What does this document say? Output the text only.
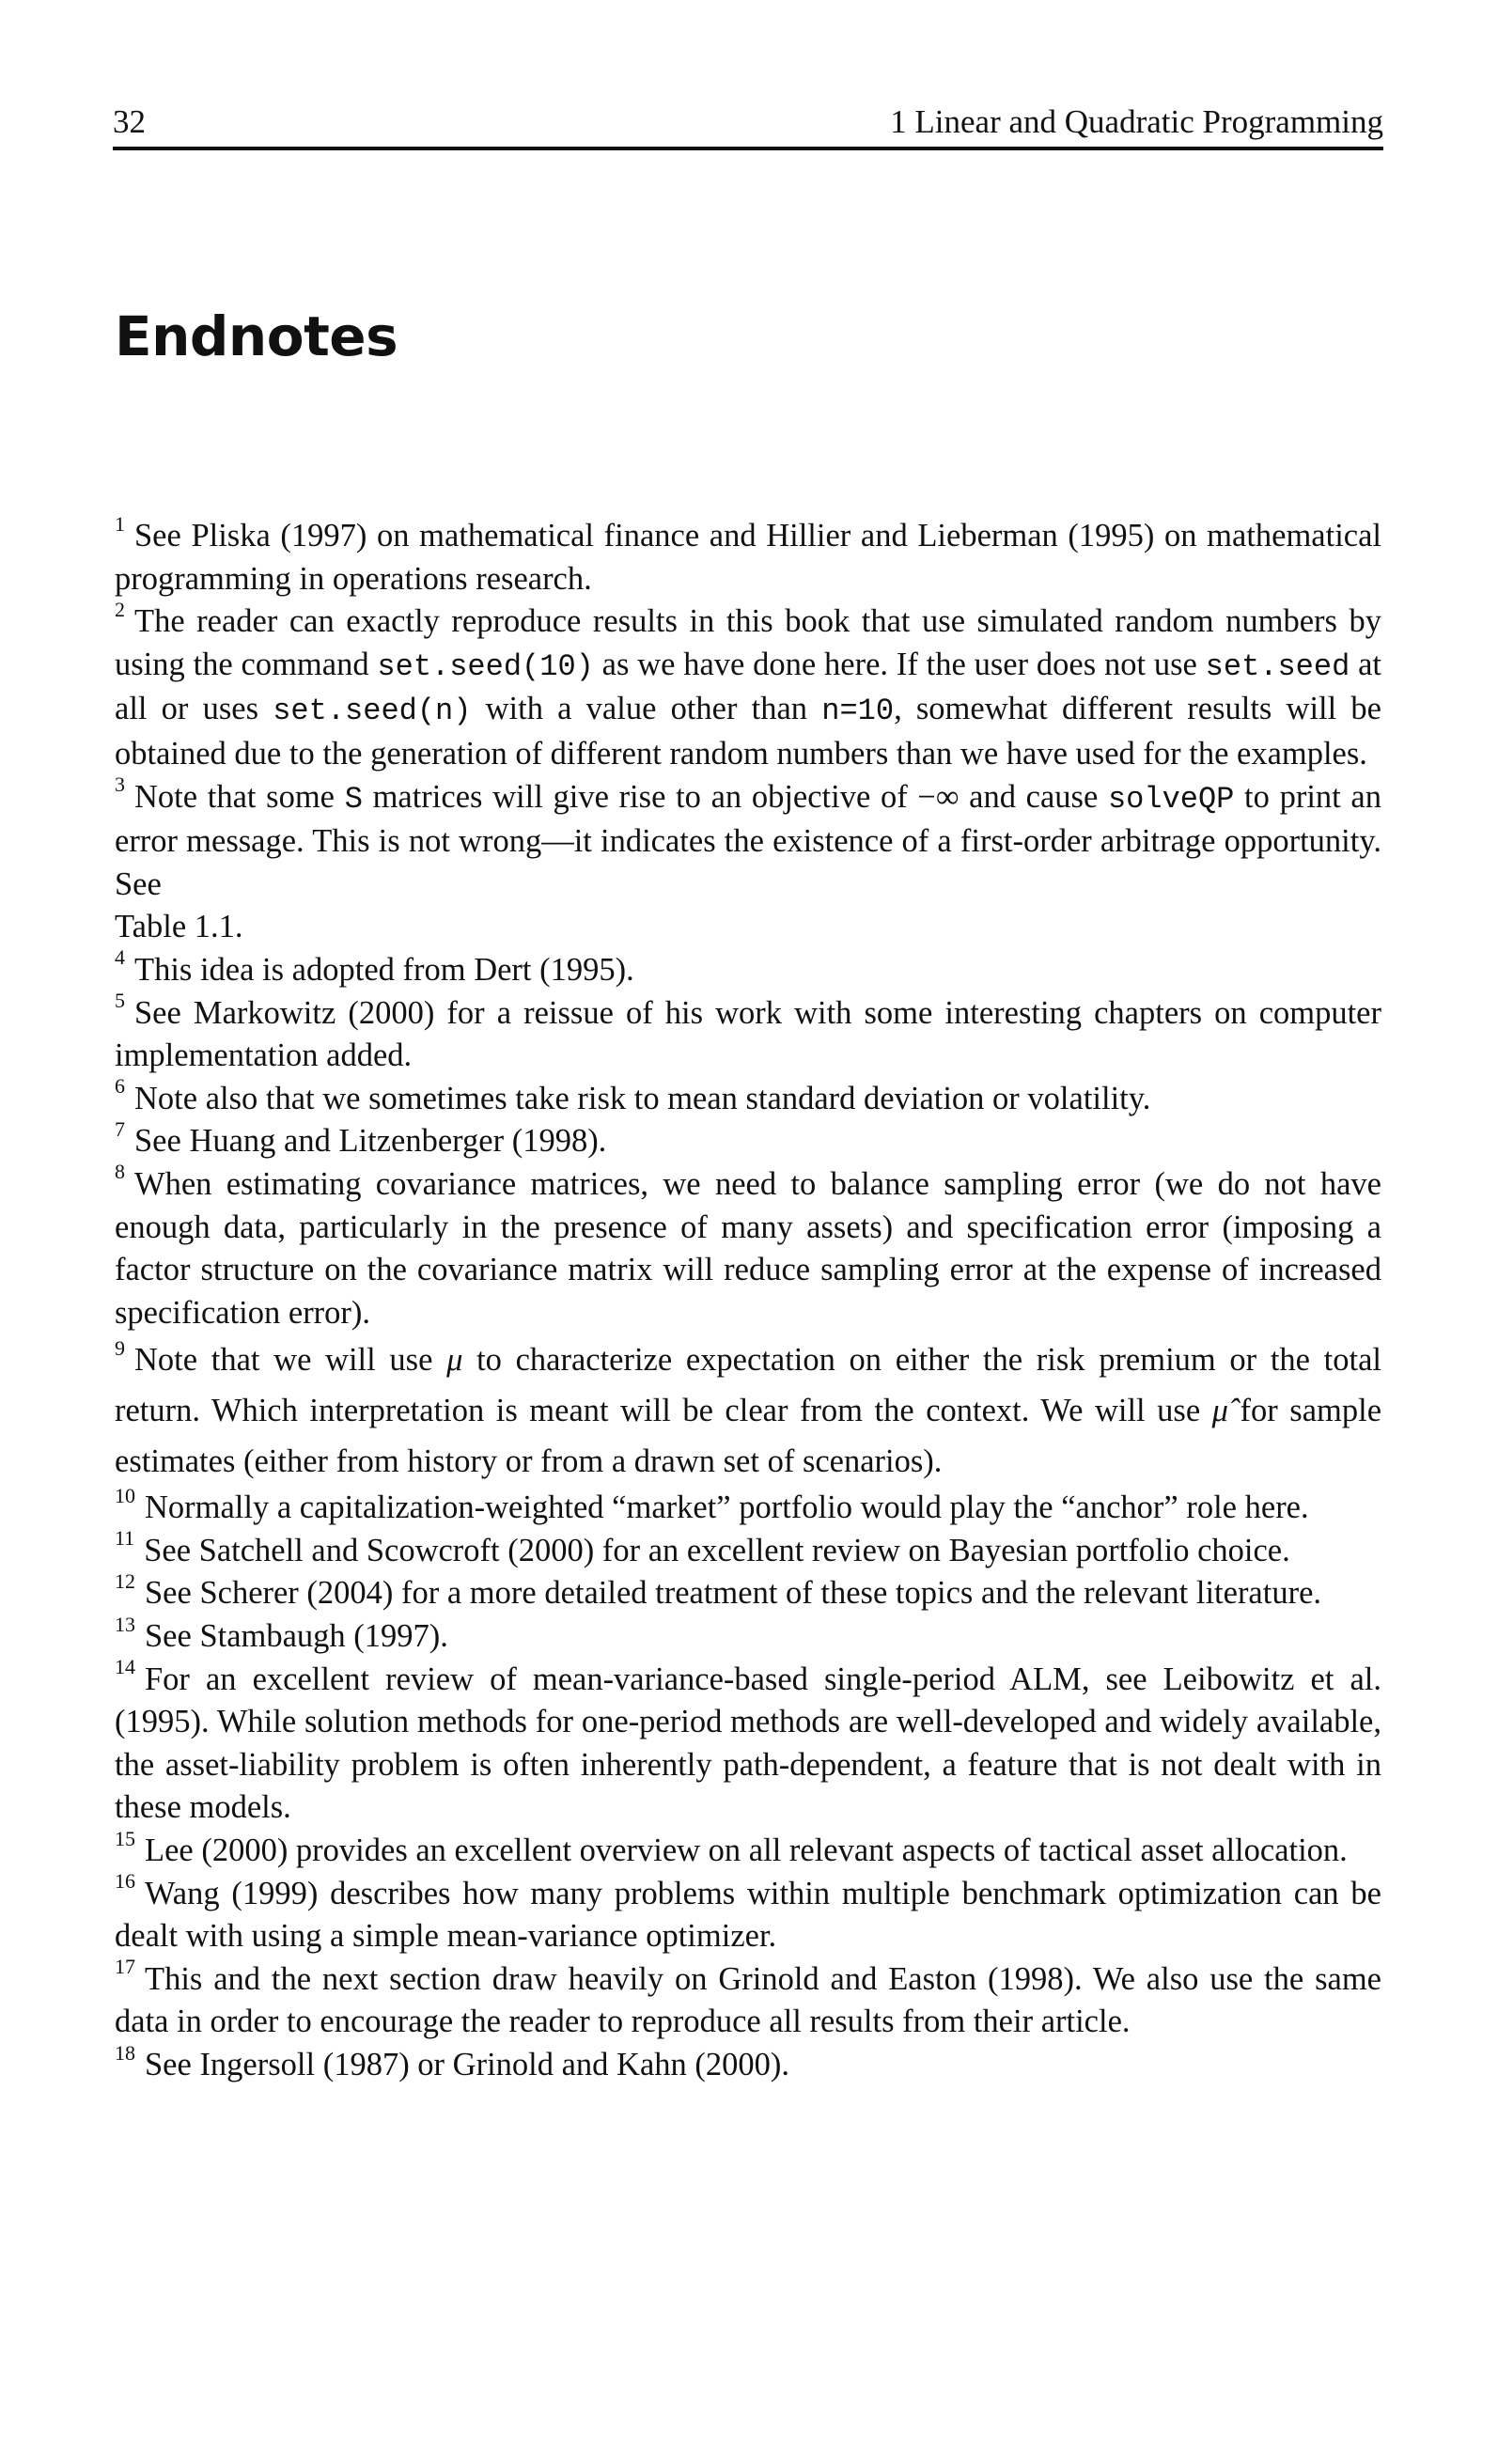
32	1 Linear and Quadratic Programming
Endnotes

$^1$ See Pliska (1997) on mathematical finance and Hillier and Lieberman (1995) on mathematical programming in operations research.

$^2$ The reader can exactly reproduce results in this book that use simulated random numbers by using the command set.seed(10) as we have done here. If the user does not use set.seed at all or uses set.seed(n) with a value other than n=10, somewhat different results will be obtained due to the generation of different random numbers than we have used for the examples.

$^3$ Note that some S matrices will give rise to an objective of −∞ and cause solveQP to print an error message. This is not wrong—it indicates the existence of a first-order arbitrage opportunity. See
Table 1.1.

$^4$ This idea is adopted from Dert (1995).

$^5$ See Markowitz (2000) for a reissue of his work with some interesting chapters on computer implementation added.

$^6$ Note also that we sometimes take risk to mean standard deviation or volatility.

$^7$ See Huang and Litzenberger (1998).

$^8$ When estimating covariance matrices, we need to balance sampling error (we do not have enough data, particularly in the presence of many assets) and specification error (imposing a factor structure on the covariance matrix will reduce sampling error at the expense of increased specification error).

$^9$ Note that we will use μ to characterize expectation on either the risk premium or the total return. Which interpretation is meant will be clear from the context. We will use μ̂ for sample estimates (either from history or from a drawn set of scenarios).

$^{10}$ Normally a capitalization-weighted “market” portfolio would play the “anchor” role here.

$^{11}$ See Satchell and Scowcroft (2000) for an excellent review on Bayesian portfolio choice.

$^{12}$ See Scherer (2004) for a more detailed treatment of these topics and the relevant literature.

$^{13}$ See Stambaugh (1997).

$^{14}$ For an excellent review of mean-variance-based single-period ALM, see Leibowitz et al. (1995). While solution methods for one-period methods are well-developed and widely available, the asset-liability problem is often inherently path-dependent, a feature that is not dealt with in these models.

$^{15}$ Lee (2000) provides an excellent overview on all relevant aspects of tactical asset allocation.

$^{16}$ Wang (1999) describes how many problems within multiple benchmark optimization can be dealt with using a simple mean-variance optimizer.

$^{17}$ This and the next section draw heavily on Grinold and Easton (1998). We also use the same data in order to encourage the reader to reproduce all results from their article.

$^{18}$ See Ingersoll (1987) or Grinold and Kahn (2000).
